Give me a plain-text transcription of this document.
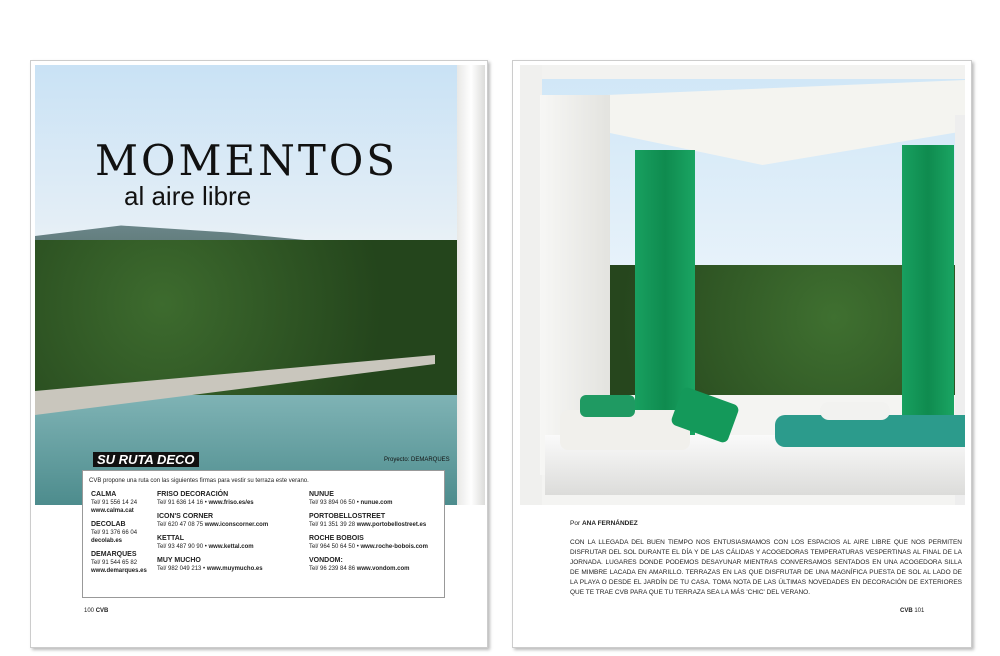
MOMENTOS
al aire libre
Proyecto: DEMARQUES
SU RUTA DECO
CVB propone una ruta con las siguientes firmas para vestir su terraza este verano.
CALMA
Tel/ 91 556 14 24
www.calma.cat
DECOLAB
Tel/ 91 376 66 04
decolab.es
DEMARQUES
Tel/ 91 544 65 82
www.demarques.es
FRISO DECORACIÓN
Tel/ 91 636 14 16 • www.friso.es/es
ICON'S CORNER
Tel/ 620 47 08 75 www.iconscorner.com
KETTAL
Tel/ 93 487 90 90 • www.kettal.com
MUY MUCHO
Tel/ 982 049 213 • www.muymucho.es
NUNUE
Tel/ 93 894 06 50 • nunue.com
PORTOBELLOSTREET
Tel/ 91 351 39 28 www.portobellostreet.es
ROCHE BOBOIS
Tel/ 964 50 64 50 • www.roche-bobois.com
VONDOM:
Tel/ 96 239 84 86 www.vondom.com
100 CVB
Por ANA FERNÁNDEZ
CON LA LLEGADA DEL BUEN TIEMPO NOS ENTUSIASMAMOS CON LOS ESPACIOS AL AIRE LIBRE QUE NOS PERMITEN DISFRUTAR DEL SOL DURANTE EL DÍA Y DE LAS CÁLIDAS Y ACOGEDORAS TEMPERATURAS VESPERTINAS AL FINAL DE LA JORNADA. LUGARES DONDE PODEMOS DESAYUNAR MIENTRAS CONVERSAMOS SENTADOS EN UNA ACOGEDORA SILLA DE MIMBRE LACADA EN AMARILLO. TERRAZAS EN LAS QUE DISFRUTAR DE UNA MAGNÍFICA PUESTA DE SOL AL LADO DE LA PLAYA O DESDE EL JARDÍN DE TU CASA. TOMA NOTA DE LAS ÚLTIMAS NOVEDADES EN DECORACIÓN DE EXTERIORES QUE TE TRAE CVB PARA QUE TU TERRAZA SEA LA MÁS 'CHIC' DEL VERANO.
CVB 101
